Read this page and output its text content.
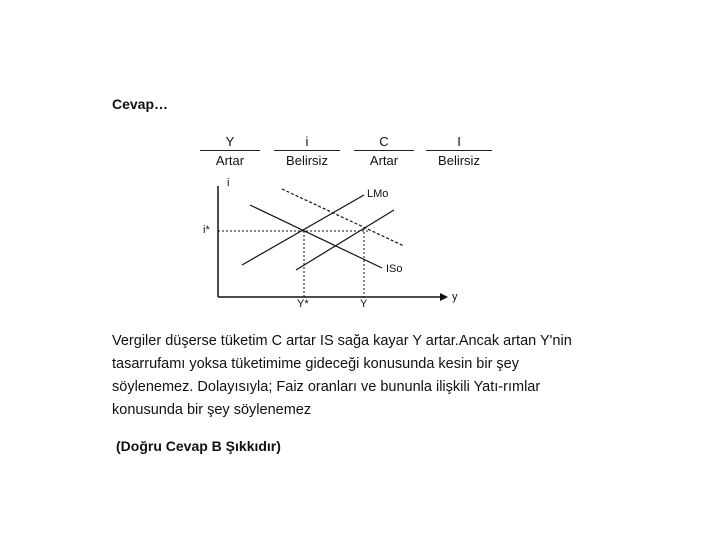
Cevap…
Y
Artar
i
Belirsiz
C
Artar
I
Belirsiz
i
y
LMo
ISo
i*
Y*	Y
Vergiler düşerse tüketim C artar IS sağa kayar Y artar.Ancak artan Y'nin tasarrufamı yoksa tüketimime gideceği konusunda kesin bir şey söylenemez. Dolayısıyla; Faiz oranları ve bununla ilişkili Yatı-rımlar konusunda bir şey söylenemez
(Doğru Cevap B Şıkkıdır)
